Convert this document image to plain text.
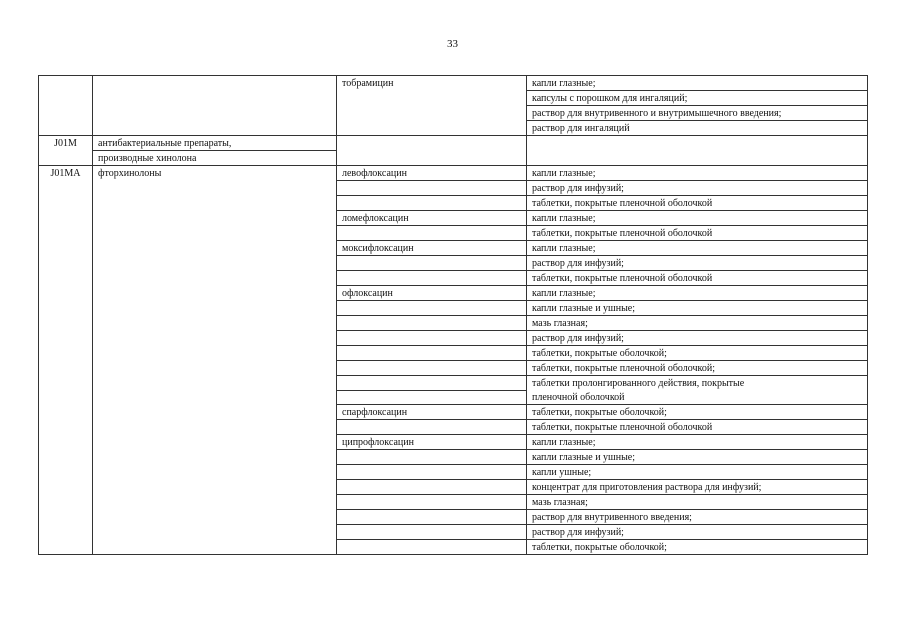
33
		тобрамицин	капли глазные;
			капсулы с порошком для ингаляций;
			раствор для внутривенного и внутримышечного введения;
			раствор для ингаляций
J01M	антибактериальные препараты,		
	производные хинолона		
J01MA	фторхинолоны	левофлоксацин	капли глазные;
			раствор для инфузий;
			таблетки, покрытые пленочной оболочкой
		ломефлоксацин	капли глазные;
			таблетки, покрытые пленочной оболочкой
		моксифлоксацин	капли глазные;
			раствор для инфузий;
			таблетки, покрытые пленочной оболочкой
		офлоксацин	капли глазные;
			капли глазные и ушные;
			мазь глазная;
			раствор для инфузий;
			таблетки, покрытые оболочкой;
			таблетки, покрытые пленочной оболочкой;
			таблетки пролонгированного действия, покрытые
			пленочной оболочкой
		спарфлоксацин	таблетки, покрытые оболочкой;
			таблетки, покрытые пленочной оболочкой
		ципрофлоксацин	капли глазные;
			капли глазные и ушные;
			капли ушные;
			концентрат для приготовления раствора для инфузий;
			мазь глазная;
			раствор для внутривенного введения;
			раствор для инфузий;
			таблетки, покрытые оболочкой;
